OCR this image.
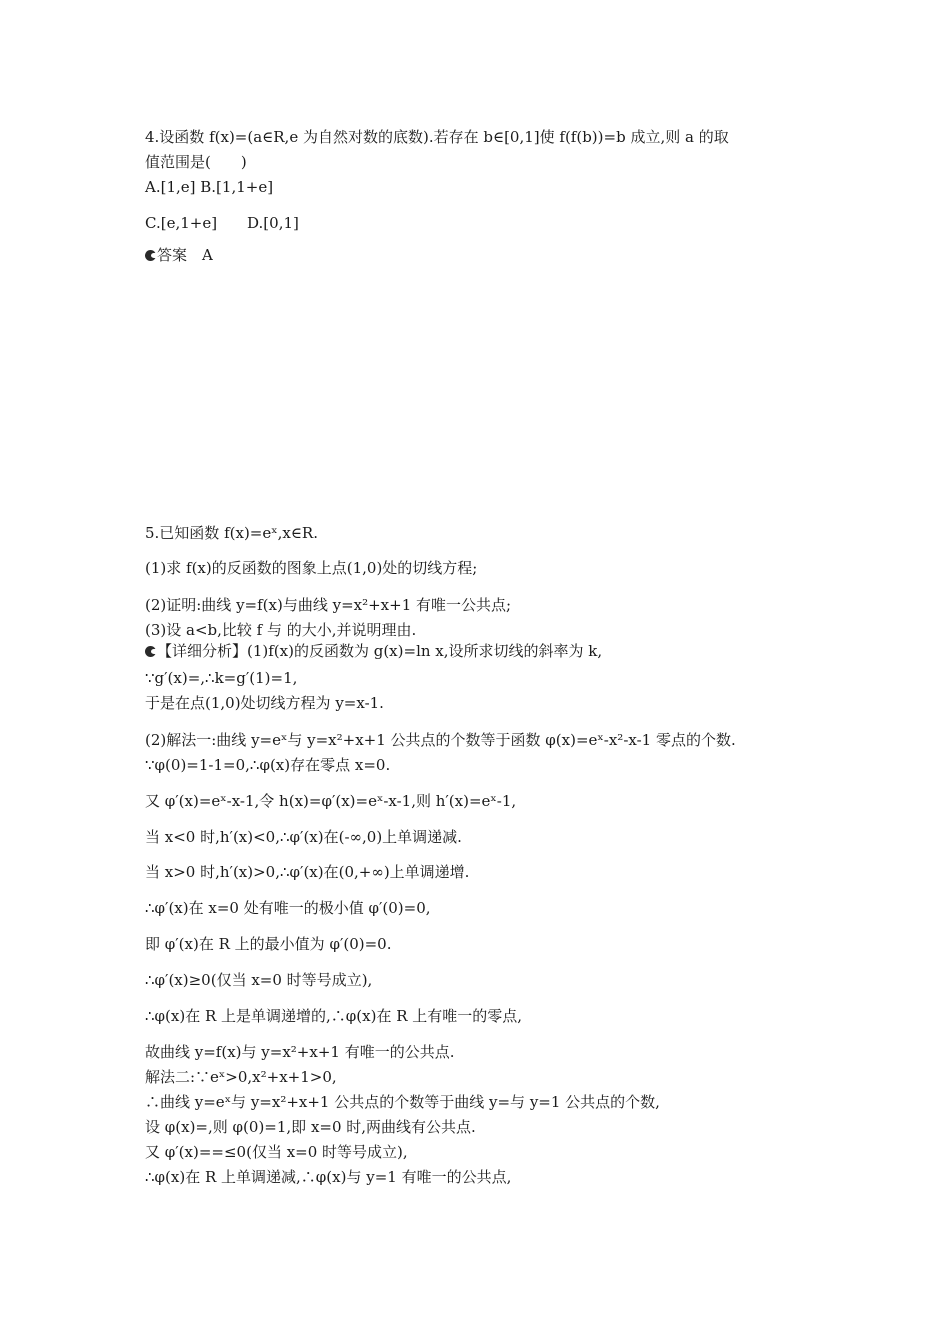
4.设函数 f(x)=(a∈R,e 为自然对数的底数).若存在 b∈[0,1]使 f(f(b))=b 成立,则 a 的取
值范围是(　　)
A.[1,e] B.[1,1+e]
C.[e,1+e]　　D.[0,1]
答案　 A
5.已知函数 f(x)=eˣ,x∈R.
(1)求 f(x)的反函数的图象上点(1,0)处的切线方程;
(2)证明:曲线 y=f(x)与曲线 y=x²+x+1 有唯一公共点;
(3)设 a<b,比较 f 与 的大小,并说明理由.
【详细分析】(1)f(x)的反函数为 g(x)=ln x,设所求切线的斜率为 k,
∵g′(x)=,∴k=g′(1)=1,
于是在点(1,0)处切线方程为 y=x-1.
(2)解法一:曲线 y=eˣ与 y=x²+x+1 公共点的个数等于函数 φ(x)=eˣ-x²-x-1 零点的个数.
∵φ(0)=1-1=0,∴φ(x)存在零点 x=0.
又 φ′(x)=eˣ-x-1,令 h(x)=φ′(x)=eˣ-x-1,则 h′(x)=eˣ-1,
当 x<0 时,h′(x)<0,∴φ′(x)在(-∞,0)上单调递减.
当 x>0 时,h′(x)>0,∴φ′(x)在(0,+∞)上单调递增.
∴φ′(x)在 x=0 处有唯一的极小值 φ′(0)=0,
即 φ′(x)在 R 上的最小值为 φ′(0)=0.
∴φ′(x)≥0(仅当 x=0 时等号成立),
∴φ(x)在 R 上是单调递增的,∴φ(x)在 R 上有唯一的零点,
故曲线 y=f(x)与 y=x²+x+1 有唯一的公共点.
解法二:∵eˣ>0,x²+x+1>0,
∴曲线 y=eˣ与 y=x²+x+1 公共点的个数等于曲线 y=与 y=1 公共点的个数,
设 φ(x)=,则 φ(0)=1,即 x=0 时,两曲线有公共点.
又 φ′(x)==≤0(仅当 x=0 时等号成立),
∴φ(x)在 R 上单调递减,∴φ(x)与 y=1 有唯一的公共点,
